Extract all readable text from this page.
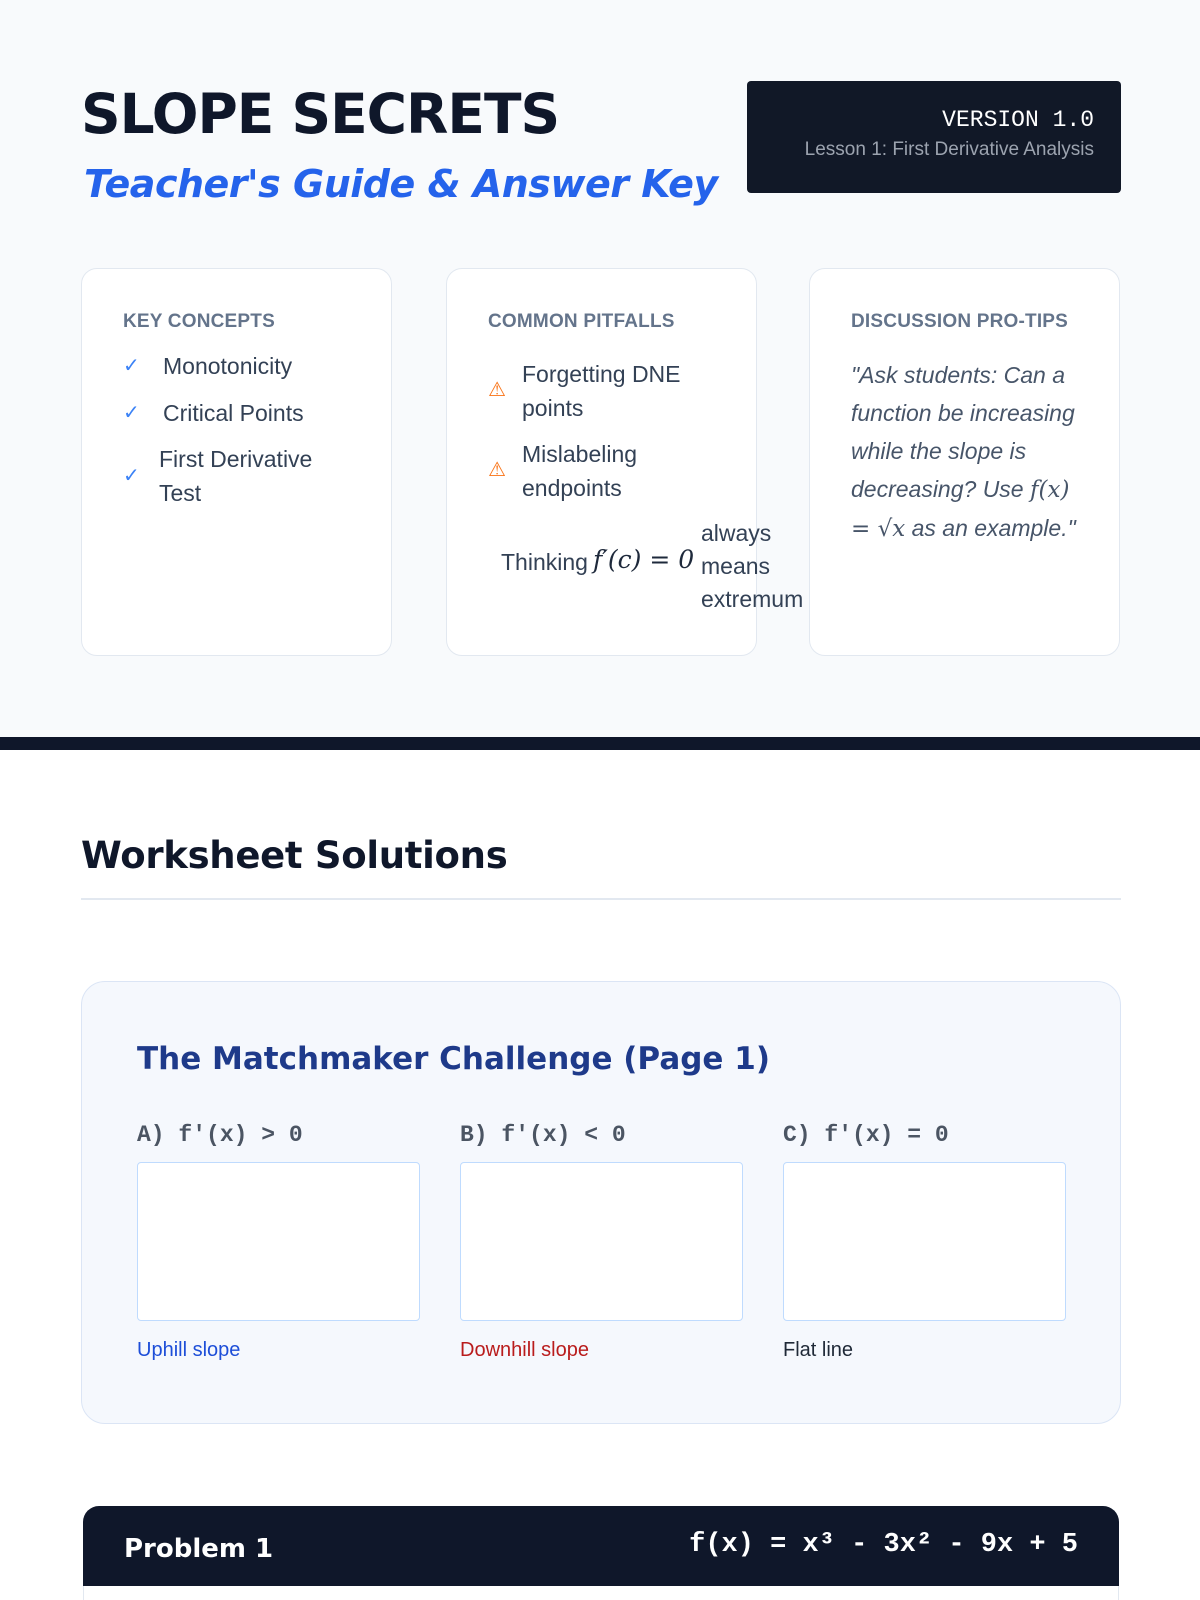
SLOPE SECRETS
Teacher's Guide & Answer Key
VERSION 1.0
Lesson 1: First Derivative Analysis
KEY CONCEPTS
✓ Monotonicity
✓ Critical Points
✓
First Derivative Test
COMMON PITFALLS
⚠
Forgetting DNE points
⚠
Mislabeling endpoints
Thinking f′(c) = 0
always
means
extremum
DISCUSSION PRO-TIPS
"Ask students: Can a function be increasing while the slope is decreasing? Use f(x) = √x as an example."
Worksheet Solutions
The Matchmaker Challenge (Page 1)
A) f'(x) > 0
Uphill slope
B) f'(x) < 0
Downhill slope
C) f'(x) = 0
Flat line
Problem 1	f(x) = x³ - 3x² - 9x + 5
